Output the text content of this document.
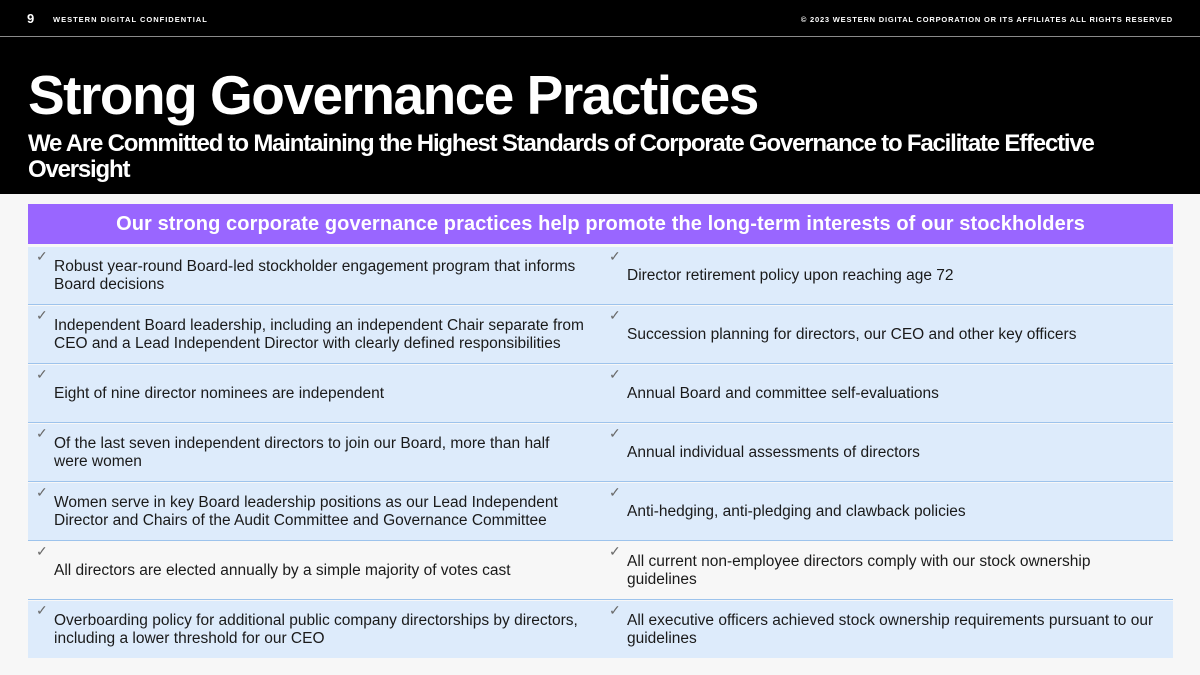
9	WESTERN DIGITAL CONFIDENTIAL	© 2023 WESTERN DIGITAL CORPORATION OR ITS AFFILIATES ALL RIGHTS RESERVED
Strong Governance Practices
We Are Committed to Maintaining the Highest Standards of Corporate Governance to Facilitate Effective Oversight
Our strong corporate governance practices help promote the long-term interests of our stockholders
✓
Robust year-round Board-led stockholder engagement program that informs Board decisions
✓
Director retirement policy upon reaching age 72
✓
Independent Board leadership, including an independent Chair separate from CEO and a Lead Independent Director with clearly defined responsibilities
✓
Succession planning for directors, our CEO and other key officers
✓
Eight of nine director nominees are independent
✓
Annual Board and committee self-evaluations
✓
Of the last seven independent directors to join our Board, more than half were women
✓
Annual individual assessments of directors
✓
Women serve in key Board leadership positions as our Lead Independent Director and Chairs of the Audit Committee and Governance Committee
✓
Anti-hedging, anti-pledging and clawback policies
✓
All directors are elected annually by a simple majority of votes cast
✓
All current non-employee directors comply with our stock ownership guidelines
✓
Overboarding policy for additional public company directorships by directors, including a lower threshold for our CEO
✓
All executive officers achieved stock ownership requirements pursuant to our guidelines
